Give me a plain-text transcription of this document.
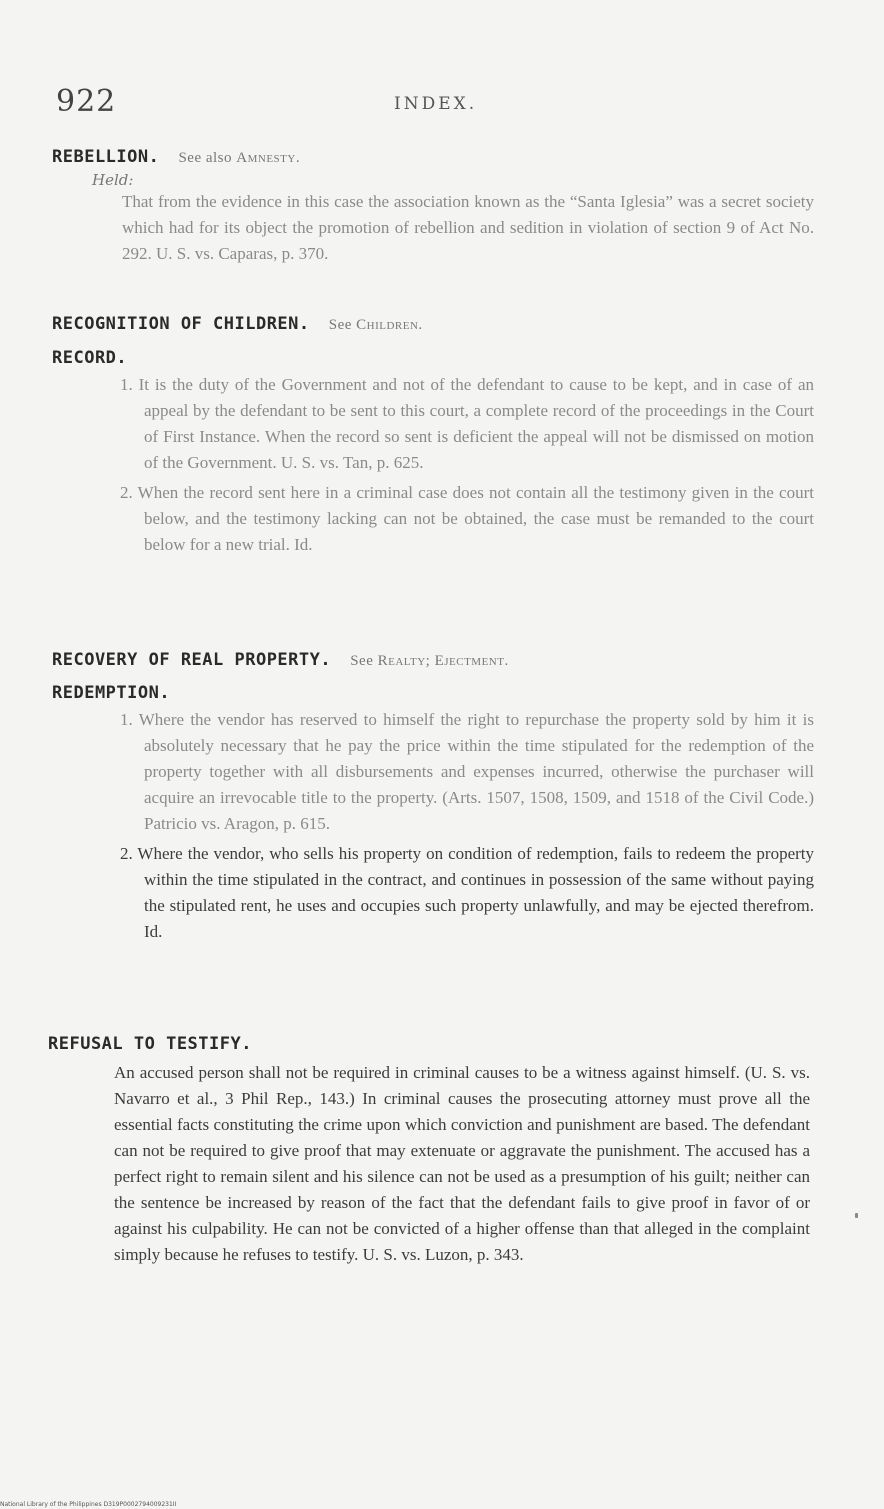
922	INDEX.
REBELLION. See also Amnesty.
Held:
That from the evidence in this case the association known as the “Santa Iglesia” was a secret society which had for its object the promotion of rebellion and sedition in violation of section 9 of Act No. 292. U. S. vs. Caparas, p. 370.
RECOGNITION OF CHILDREN. See Children.
RECORD.
1. It is the duty of the Government and not of the defendant to cause to be kept, and in case of an appeal by the defendant to be sent to this court, a complete record of the proceedings in the Court of First Instance. When the record so sent is deficient the appeal will not be dismissed on motion of the Government. U. S. vs. Tan, p. 625.
2. When the record sent here in a criminal case does not contain all the testimony given in the court below, and the testimony lacking can not be obtained, the case must be remanded to the court below for a new trial. Id.
RECOVERY OF REAL PROPERTY. See Realty; Ejectment.
REDEMPTION.
1. Where the vendor has reserved to himself the right to repurchase the property sold by him it is absolutely necessary that he pay the price within the time stipulated for the redemption of the property together with all disbursements and expenses incurred, otherwise the purchaser will acquire an irrevocable title to the property. (Arts. 1507, 1508, 1509, and 1518 of the Civil Code.) Patricio vs. Aragon, p. 615.
2. Where the vendor, who sells his property on condition of redemption, fails to redeem the property within the time stipulated in the contract, and continues in possession of the same without paying the stipulated rent, he uses and occupies such property unlawfully, and may be ejected therefrom. Id.
REFUSAL TO TESTIFY.
An accused person shall not be required in criminal causes to be a witness against himself. (U. S. vs. Navarro et al., 3 Phil Rep., 143.) In criminal causes the prosecuting attorney must prove all the essential facts constituting the crime upon which conviction and punishment are based. The defendant can not be required to give proof that may extenuate or aggravate the punishment. The accused has a perfect right to remain silent and his silence can not be used as a presumption of his guilt; neither can the sentence be increased by reason of the fact that the defendant fails to give proof in favor of or against his culpability. He can not be convicted of a higher offense than that alleged in the complaint simply because he refuses to testify. U. S. vs. Luzon, p. 343.
National Library of the Philippines D319P0002794009231II
